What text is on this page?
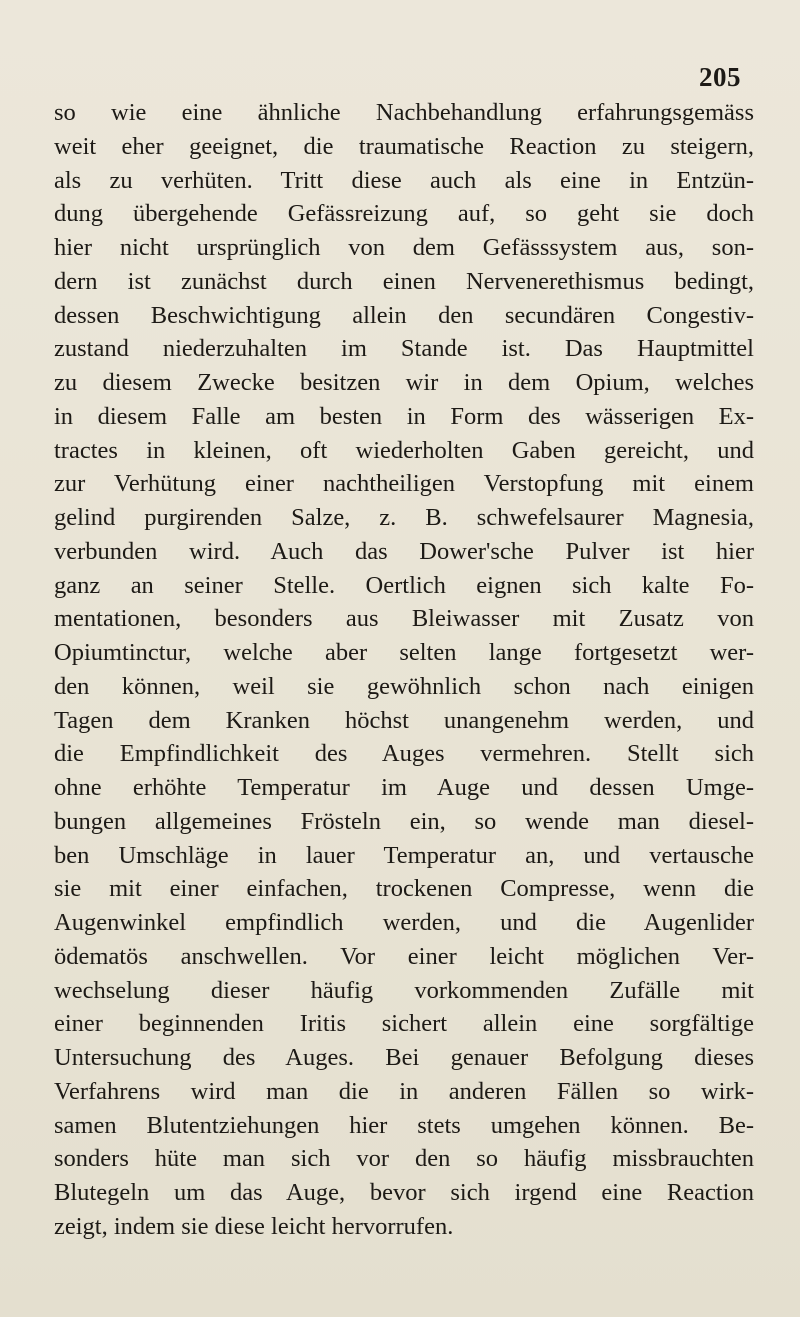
205
so wie eine ähnliche Nachbehandlung erfahrungsgemäss
weit eher geeignet, die traumatische Reaction zu steigern,
als zu verhüten. Tritt diese auch als eine in Entzün-
dung übergehende Gefässreizung auf, so geht sie doch
hier nicht ursprünglich von dem Gefässsystem aus, son-
dern ist zunächst durch einen Nervenerethismus bedingt,
dessen Beschwichtigung allein den secundären Congestiv-
zustand niederzuhalten im Stande ist. Das Hauptmittel
zu diesem Zwecke besitzen wir in dem Opium, welches
in diesem Falle am besten in Form des wässerigen Ex-
tractes in kleinen, oft wiederholten Gaben gereicht, und
zur Verhütung einer nachtheiligen Verstopfung mit einem
gelind purgirenden Salze, z. B. schwefelsaurer Magnesia,
verbunden wird. Auch das Dower'sche Pulver ist hier
ganz an seiner Stelle. Oertlich eignen sich kalte Fo-
mentationen, besonders aus Bleiwasser mit Zusatz von
Opiumtinctur, welche aber selten lange fortgesetzt wer-
den können, weil sie gewöhnlich schon nach einigen
Tagen dem Kranken höchst unangenehm werden, und
die Empfindlichkeit des Auges vermehren. Stellt sich
ohne erhöhte Temperatur im Auge und dessen Umge-
bungen allgemeines Frösteln ein, so wende man diesel-
ben Umschläge in lauer Temperatur an, und vertausche
sie mit einer einfachen, trockenen Compresse, wenn die
Augenwinkel empfindlich werden, und die Augenlider
ödematös anschwellen. Vor einer leicht möglichen Ver-
wechselung dieser häufig vorkommenden Zufälle mit
einer beginnenden Iritis sichert allein eine sorgfältige
Untersuchung des Auges. Bei genauer Befolgung dieses
Verfahrens wird man die in anderen Fällen so wirk-
samen Blutentziehungen hier stets umgehen können. Be-
sonders hüte man sich vor den so häufig missbrauchten
Blutegeln um das Auge, bevor sich irgend eine Reaction
zeigt, indem sie diese leicht hervorrufen.
